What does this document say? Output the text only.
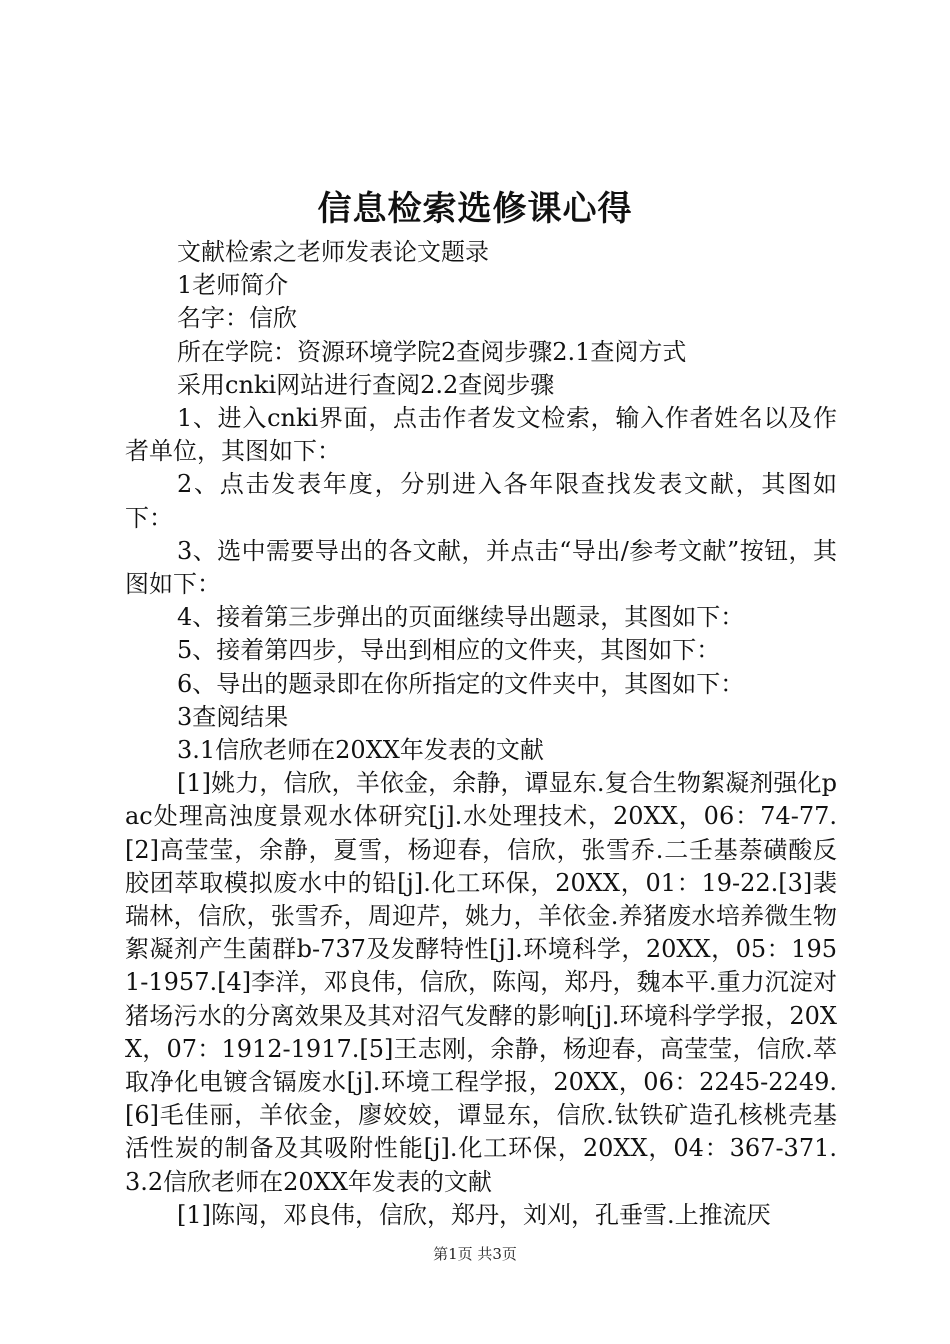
信息检索选修课心得

文献检索之老师发表论文题录

1老师简介

名字：信欣

所在学院：资源环境学院2查阅步骤2.1查阅方式

采用cnki网站进行查阅2.2查阅步骤

1、进入cnki界面，点击作者发文检索，输入作者姓名以及作者单位，其图如下：

2、点击发表年度，分别进入各年限查找发表文献，其图如下：

3、选中需要导出的各文献，并点击“导出/参考文献”按钮，其图如下：

4、接着第三步弹出的页面继续导出题录，其图如下：

5、接着第四步，导出到相应的文件夹，其图如下：

6、导出的题录即在你所指定的文件夹中，其图如下：

3查阅结果

3.1信欣老师在20XX年发表的文献

[1]姚力，信欣，羊依金，余静，谭显东.复合生物絮凝剂强化pac处理高浊度景观水体研究[j].水处理技术，20XX，06：74-77.[2]高莹莹，余静，夏雪，杨迎春，信欣，张雪乔.二壬基萘磺酸反胶团萃取模拟废水中的铅[j].化工环保，20XX，01：19-22.[3]裴瑞林，信欣，张雪乔，周迎芹，姚力，羊依金.养猪废水培养微生物絮凝剂产生菌群b-737及发酵特性[j].环境科学，20XX，05：1951-1957.[4]李洋，邓良伟，信欣，陈闯，郑丹，魏本平.重力沉淀对猪场污水的分离效果及其对沼气发酵的影响[j].环境科学学报，20XX，07：1912-1917.[5]王志刚，余静，杨迎春，高莹莹，信欣.萃取净化电镀含镉废水[j].环境工程学报，20XX，06：2245-2249.[6]毛佳丽，羊依金，廖姣姣，谭显东，信欣.钛铁矿造孔核桃壳基活性炭的制备及其吸附性能[j].化工环保，20XX，04：367-371.3.2信欣老师在20XX年发表的文献

[1]陈闯，邓良伟，信欣，郑丹，刘刈，孔垂雪.上推流厌

第1页 共3页
